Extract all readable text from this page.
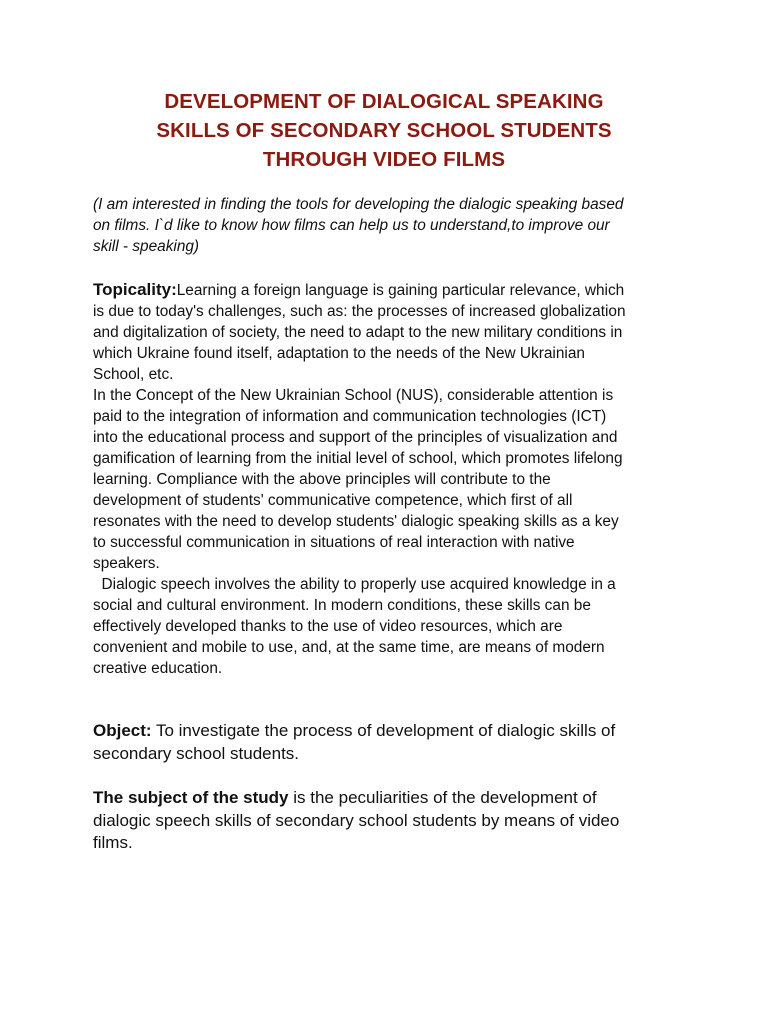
DEVELOPMENT OF DIALOGICAL SPEAKING
SKILLS OF SECONDARY SCHOOL STUDENTS
THROUGH VIDEO FILMS

(I am interested in finding the tools for developing the dialogic speaking based
on films. I`d like to know how films can help us to understand,to improve our
skill - speaking)

Topicality:Learning a foreign language is gaining particular relevance, which
is due to today's challenges, such as: the processes of increased globalization
and digitalization of society, the need to adapt to the new military conditions in
which Ukraine found itself, adaptation to the needs of the New Ukrainian
School, etc.
In the Concept of the New Ukrainian School (NUS), considerable attention is
paid to the integration of information and communication technologies (ICT)
into the educational process and support of the principles of visualization and
gamification of learning from the initial level of school, which promotes lifelong
learning. Compliance with the above principles will contribute to the
development of students' communicative competence, which first of all
resonates with the need to develop students' dialogic speaking skills as a key
to successful communication in situations of real interaction with native
speakers.
Dialogic speech involves the ability to properly use acquired knowledge in a
social and cultural environment. In modern conditions, these skills can be
effectively developed thanks to the use of video resources, which are
convenient and mobile to use, and, at the same time, are means of modern
creative education.
Object: To investigate the process of development of dialogic skills of
secondary school students.
The subject of the study is the peculiarities of the development of
dialogic speech skills of secondary school students by means of video
films.
